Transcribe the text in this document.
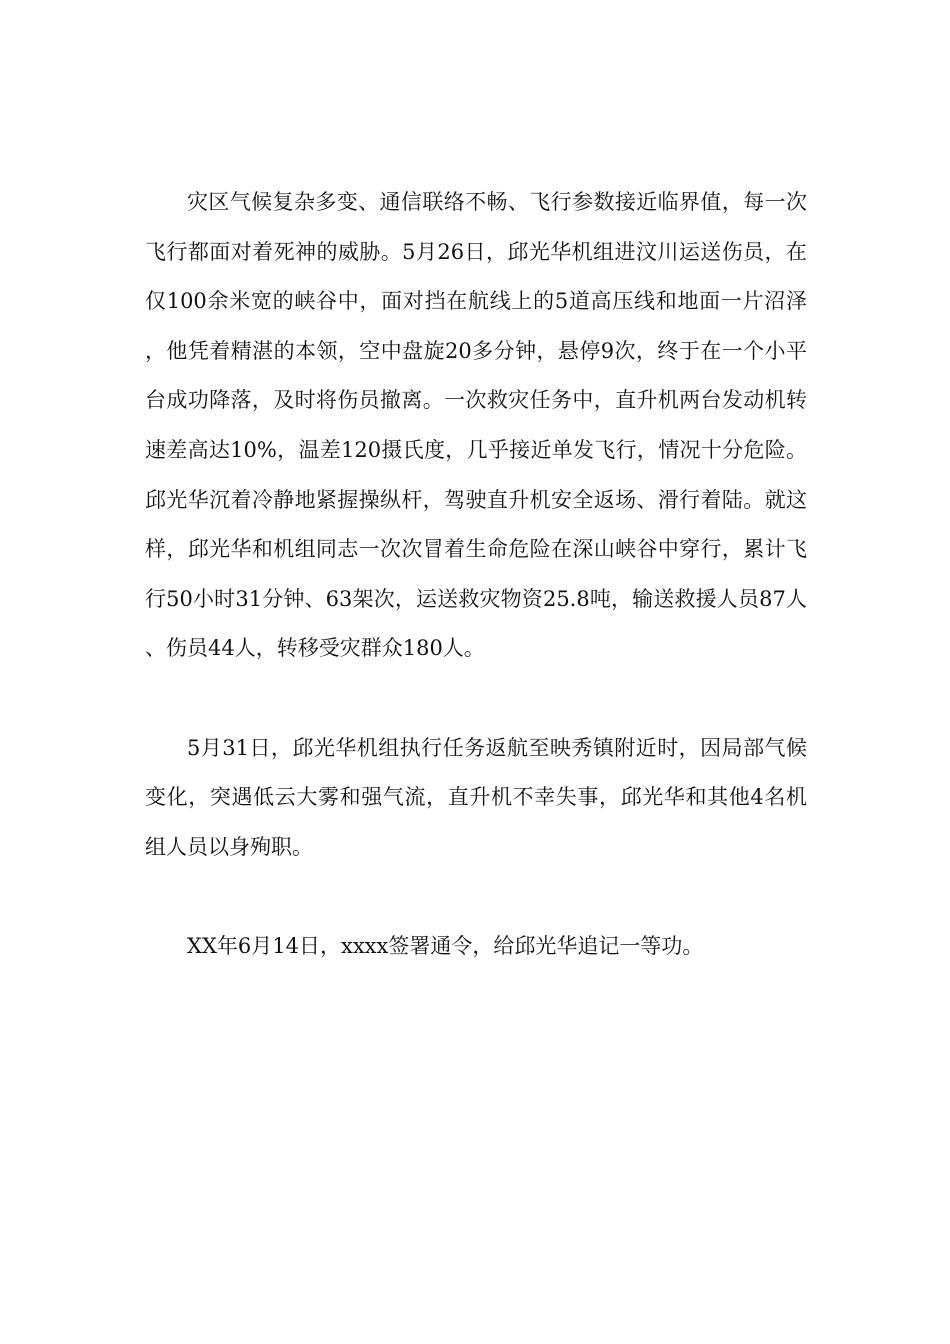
灾区气候复杂多变、通信联络不畅、飞行参数接近临界值，每一次飞行都面对着死神的威胁。5月26日，邱光华机组进汶川运送伤员，在仅100余米宽的峡谷中，面对挡在航线上的5道高压线和地面一片沼泽，他凭着精湛的本领，空中盘旋20多分钟，悬停9次，终于在一个小平台成功降落，及时将伤员撤离。一次救灾任务中，直升机两台发动机转速差高达10%，温差120摄氏度，几乎接近单发飞行，情况十分危险。邱光华沉着冷静地紧握操纵杆，驾驶直升机安全返场、滑行着陆。就这样，邱光华和机组同志一次次冒着生命危险在深山峡谷中穿行，累计飞行50小时31分钟、63架次，运送救灾物资25.8吨，输送救援人员87人、伤员44人，转移受灾群众180人。

5月31日，邱光华机组执行任务返航至映秀镇附近时，因局部气候变化，突遇低云大雾和强气流，直升机不幸失事，邱光华和其他4名机组人员以身殉职。

XX年6月14日，xxxx签署通令，给邱光华追记一等功。
